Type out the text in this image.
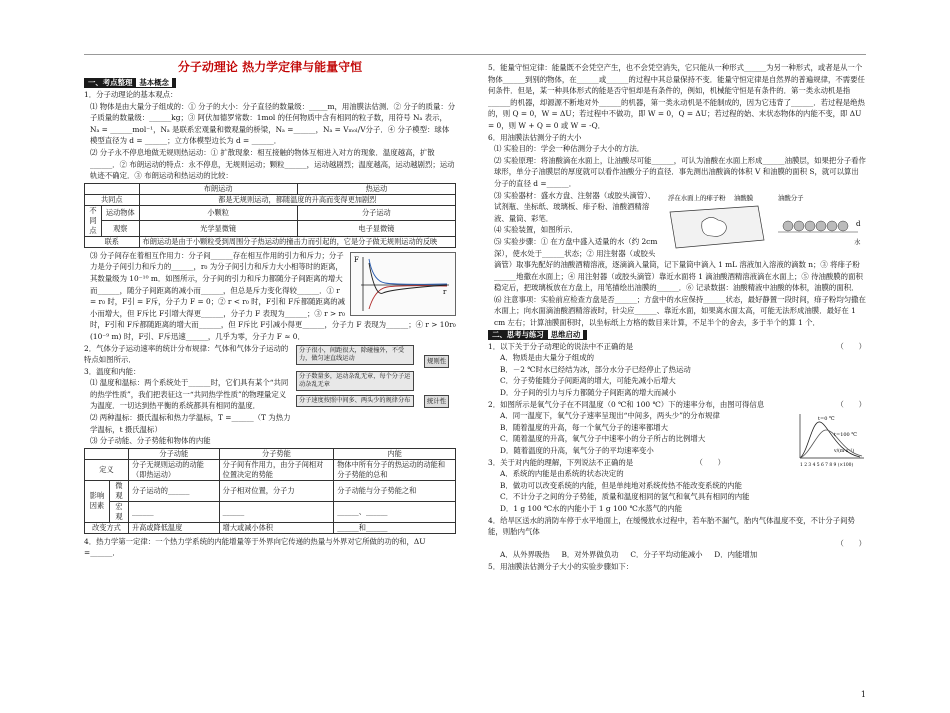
分子动理论 热力学定律与能量守恒
一、考点整理 基本概念

1．分子动理论的基本观点：

⑴ 物体是由大量分子组成的：① 分子的大小：分子直径的数量级：_____m，用油膜法估测．② 分子的质量：分子质量的数量级：______kg；③ 阿伏加德罗常数：1mol 的任何物质中含有相同的粒子数，用符号 Nₐ 表示，Nₐ = ______mol⁻¹，Nₐ 是联系宏观量和微观量的桥梁，Nₐ =______，Nₐ = Vₘₒₗ/V分子．④ 分子模型：球体模型直径为 d = ______；立方体模型边长为 d = ______．

⑵ 分子永不停息地做无规则热运动：① 扩散现象：相互接触的物体互相进入对方的现象．温度越高，扩散______．② 布朗运动的特点：永不停息，无规则运动；颗粒______，运动越剧烈；温度越高，运动越剧烈；运动轨迹不确定．③ 布朗运动和热运动的比较：

		布朗运动	热运动
共同点		都是无规则运动，都随温度的升高而变得更加剧烈	
不同点	运动物体	小颗粒	分子运动
	观察	光学显微镜	电子显微镜
联系		布朗运动是由于小颗粒受到周围分子热运动的撞击力而引起的，它是分子做无规则运动的反映	
F
r

⑶ 分子间存在着相互作用力：分子间______存在相互作用的引力和斥力；分子力是分子间引力和斥力的______，r₀ 为分子间引力和斥力大小相等时的距离，其数量级为 10⁻¹⁰ m．如图所示，分子间的引力和斥力都随分子间距离的增大而______，随分子间距离的减小而______，但总是斥力变化得较______．① r = r₀ 时，F引 = F斥，分子力 F = 0；② r < r₀ 时，F引和 F斥都随距离的减小而增大，但 F斥比 F引增大得更______，分子力 F 表现为______；③ r > r₀ 时，F引和 F斥都随距离的增大而______，但 F斥比 F引减小得更______，分子力 F 表现为______；④ r > 10r₀ (10⁻⁹ m) 时，F引、F斥迅速______，几乎为零，分子力 F ≈ 0．

分子很小，间距很大，除碰撞外，不受力，做匀速直线运动
分子数量多，运动杂乱无章，每个分子运动杂乱无章
分子速度按照中间多、两头少的规律分布
规则性
统计性

2．气体分子运动速率的统计分布规律：气体和气体分子运动的特点如图所示．

3．温度和内能：

⑴ 温度和温标：两个系统处于______时，它们具有某个“共同的热学性质”，我们把表征这一“共同热学性质”的物理量定义为温度．一切达到热平衡的系统都具有相同的温度．

⑵ 两种温标：摄氏温标和热力学温标，T =______（T 为热力学温标，t 摄氏温标）

⑶ 分子动能、分子势能和物体的内能

		分子动能	分子势能	内能
定义		分子无规则运动的动能（即热运动）	分子间有作用力，由分子间相对位置决定的势能	物体中所有分子的热运动的动能和分子势能的总和
影响因素	微观	分子运动的______	分子相对位置，分子力	分子动能与分子势能之和
	宏观	______	______	______、______
改变方式		升高或降低温度	增大或减小体积	______和______

4．热力学第一定律：一个热力学系统的内能增量等于外界向它传递的热量与外界对它所做的功的和，ΔU =______．

5．能量守恒定律：能量既不会凭空产生，也不会凭空消失，它只能从一种形式______为另一种形式，或者是从一个物体______到别的物体，在______或______的过程中其总量保持不变．能量守恒定律是自然界的普遍规律，不需要任何条件．但是，某一种具体形式的能是否守恒却是有条件的，例如，机械能守恒是有条件的．第一类永动机是指______的机器，却源源不断地对外______的机器，第一类永动机是不能制成的，因为它违背了______．若过程是绝热的，则 Q = 0，W = ΔU；若过程中不做功，即 W = 0，Q = ΔU；若过程的始、末状态物体的内能不变，即 ΔU = 0，则 W + Q = 0 或 W = -Q．

6．用油膜法估测分子的大小

⑴ 实验目的：学会一种估测分子大小的方法．

⑵ 实验原理：将油酸滴在水面上，让油酸尽可能______，可认为油酸在水面上形成______油膜层，如果把分子看作球形，单分子油膜层的厚度就可以看作油酸分子的直径．事先测出油酸滴的体积 V 和油膜的面积 S，就可以算出分子的直径 d =______．

浮在水面上的痱子粉 油酸膜	油酸分子
d
水

⑶ 实验器材：盛水方盘、注射器（或胶头滴管）、试剂瓶、坐标纸、玻璃板、痱子粉、油酸酒精溶液、量筒、彩笔．

⑷ 实验装置，如图所示．

⑸ 实验步骤：① 在方盘中盛入适量的水（约 2cm 深），使水处于______状态；② 用注射器（或胶头滴管）取事先配好的油酸酒精溶液，逐滴滴入量筒，记下量筒中滴入 1 mL 溶液加入溶液的滴数 n；③ 将痱子粉______地撒在水面上；④ 用注射器（或胶头滴管）靠近水面将 1 滴油酸酒精溶液滴在水面上；⑤ 待油酸膜的面积稳定后，把玻璃板放在方盘上，用笔描绘出油膜的______．⑥ 记录数据：油酸精液中油酸的体积，油膜的面积．

⑹ 注意事项：实验前应检查方盘是否______；方盘中的水应保持______状态，最好静置一段时间，痱子粉均匀撒在水面上；向水面滴油酸酒精溶液时，针尖应______、靠近水面，如果离水面太高，可能无法形成油膜．最好在 1 cm 左右；计算油膜面积时，以坐标纸上方格的数目来计算，不足半个的舍去，多于半个的算 1 个．

二、思考与练习 思维启动

1．以下关于分子动理论的说法中不正确的是	（　　）

A．物质是由大量分子组成的

B．－2 ℃时水已经结为冰，部分水分子已经停止了热运动

C．分子势能随分子间距离的增大，可能先减小后增大

D．分子间的引力与斥力都随分子间距离的增大而减小

2．如图所示是氧气分子在不同温度（0 ℃和 100 ℃）下的速率分布，由图可得信息	（　　）

t=0 ℃
t=100 ℃
v/(m·s⁻¹)
1 2 3 4 5 6 7 8 9 (×100)

A．同一温度下，氧气分子速率呈现出“中间多，两头少”的分布规律

B．随着温度的升高，每一个氧气分子的速率都增大

C．随着温度的升高，氧气分子中速率小的分子所占的比例增大

D．随着温度的升高，氧气分子的平均速率变小

3．关于对内能的理解，下列说法不正确的是	（　　）

A．系统的内能是由系统的状态决定的

B．做功可以改变系统的内能，但是单纯地对系统传热不能改变系统的内能

C．不计分子之间的分子势能，质量和温度相同的氢气和氧气具有相同的内能

D．1 g 100 ℃水的内能小于 1 g 100 ℃水蒸气的内能

4．给旱区送水的消防车停于水平地面上，在缓慢放水过程中，若车胎不漏气，胎内气体温度不变，不计分子间势能，则胎内气体

（　　）

A．从外界吸热 B．对外界做负功 C．分子平均动能减小 D．内能增加

5．用油膜法估测分子大小的实验步骤如下：

1
